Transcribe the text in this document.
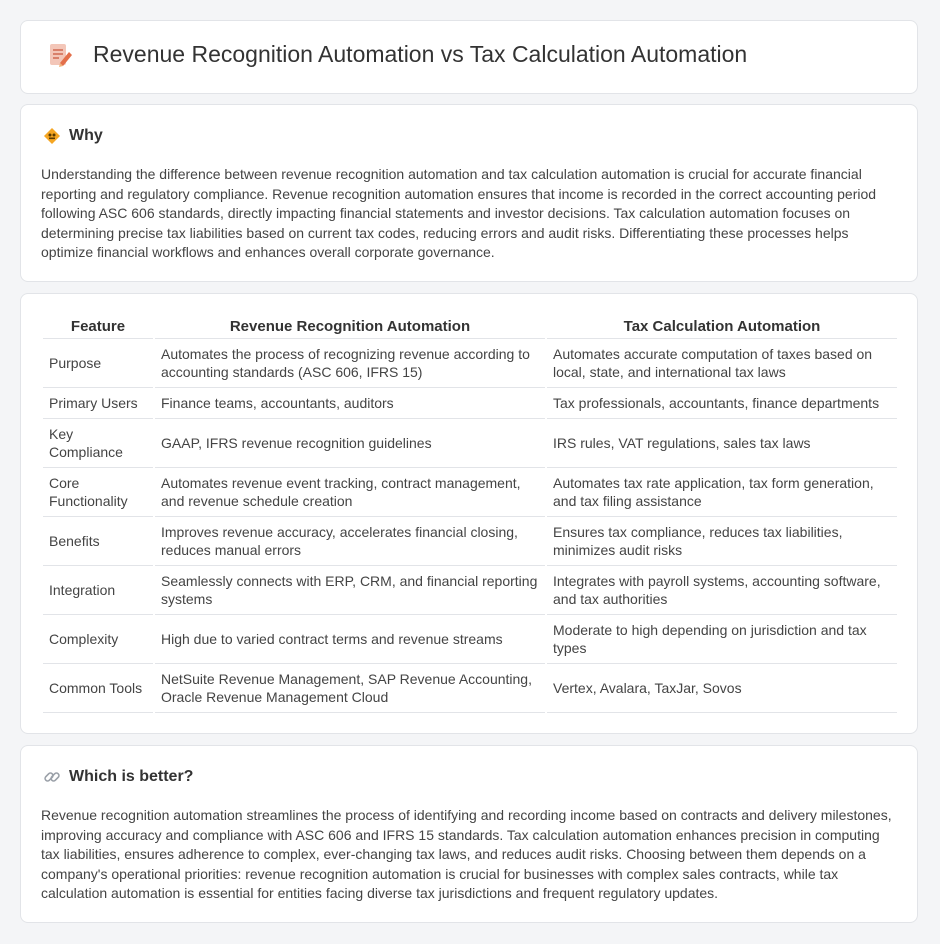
Revenue Recognition Automation vs Tax Calculation Automation
Why

Understanding the difference between revenue recognition automation and tax calculation automation is crucial for accurate financial reporting and regulatory compliance. Revenue recognition automation ensures that income is recorded in the correct accounting period following ASC 606 standards, directly impacting financial statements and investor decisions. Tax calculation automation focuses on determining precise tax liabilities based on current tax codes, reducing errors and audit risks. Differentiating these processes helps optimize financial workflows and enhances overall corporate governance.

Feature	Revenue Recognition Automation	Tax Calculation Automation
Purpose	Automates the process of recognizing revenue according to accounting standards (ASC 606, IFRS 15)	Automates accurate computation of taxes based on local, state, and international tax laws
Primary Users	Finance teams, accountants, auditors	Tax professionals, accountants, finance departments
Key Compliance	GAAP, IFRS revenue recognition guidelines	IRS rules, VAT regulations, sales tax laws
Core Functionality	Automates revenue event tracking, contract management, and revenue schedule creation	Automates tax rate application, tax form generation, and tax filing assistance
Benefits	Improves revenue accuracy, accelerates financial closing, reduces manual errors	Ensures tax compliance, reduces tax liabilities, minimizes audit risks
Integration	Seamlessly connects with ERP, CRM, and financial reporting systems	Integrates with payroll systems, accounting software, and tax authorities
Complexity	High due to varied contract terms and revenue streams	Moderate to high depending on jurisdiction and tax types
Common Tools	NetSuite Revenue Management, SAP Revenue Accounting, Oracle Revenue Management Cloud	Vertex, Avalara, TaxJar, Sovos
Which is better?

Revenue recognition automation streamlines the process of identifying and recording income based on contracts and delivery milestones, improving accuracy and compliance with ASC 606 and IFRS 15 standards. Tax calculation automation enhances precision in computing tax liabilities, ensures adherence to complex, ever-changing tax laws, and reduces audit risks. Choosing between them depends on a company's operational priorities: revenue recognition automation is crucial for businesses with complex sales contracts, while tax calculation automation is essential for entities facing diverse tax jurisdictions and frequent regulatory updates.
